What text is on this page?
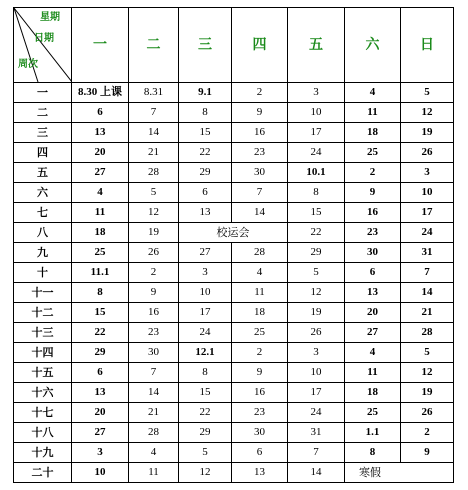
星期
日期
周次	一	二	三	四	五	六	日
一	8.30 上课	8.31	9.1	2	3	4	5
二	6	7	8	9	10	11	12
三	13	14	15	16	17	18	19
四	20	21	22	23	24	25	26
五	27	28	29	30	10.1	2	3
六	4	5	6	7	8	9	10
七	11	12	13	14	15	16	17
八	18	19	校运会		22	23	24
九	25	26	27	28	29	30	31
十	11.1	2	3	4	5	6	7
十一	8	9	10	11	12	13	14
十二	15	16	17	18	19	20	21
十三	22	23	24	25	26	27	28
十四	29	30	12.1	2	3	4	5
十五	6	7	8	9	10	11	12
十六	13	14	15	16	17	18	19
十七	20	21	22	23	24	25	26
十八	27	28	29	30	31	1.1	2
十九	3	4	5	6	7	8	9
二十	10	11	12	13	14	寒假	
